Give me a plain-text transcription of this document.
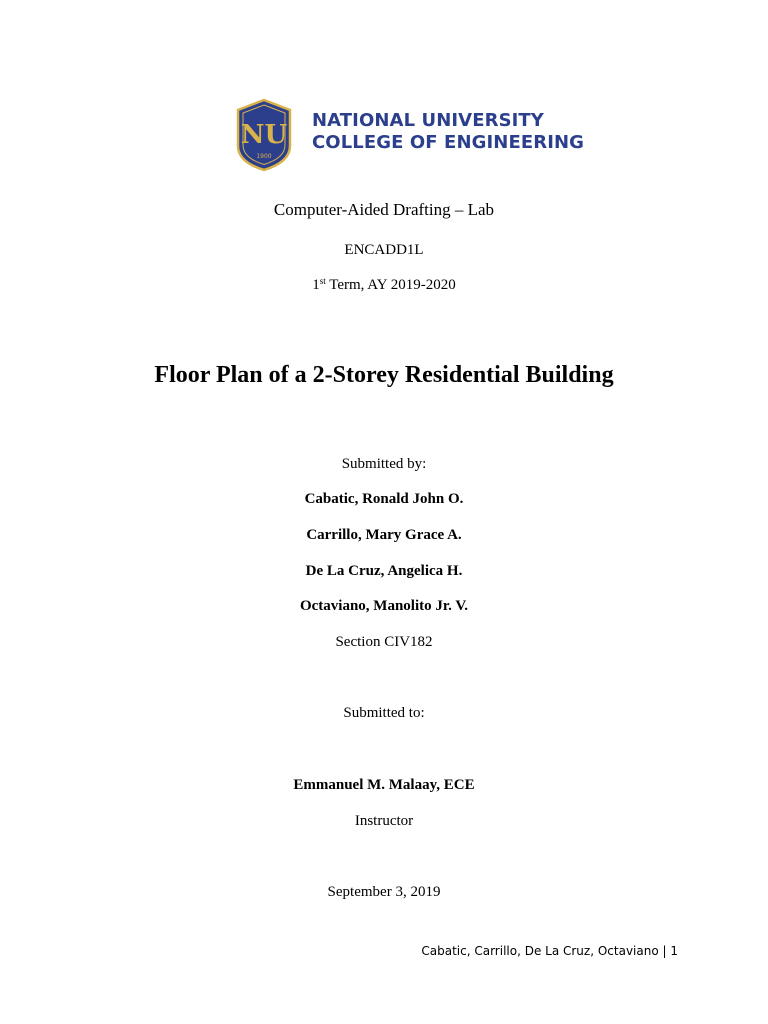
NU
1900
NATIONAL UNIVERSITY
COLLEGE OF ENGINEERING
Computer-Aided Drafting – Lab
ENCADD1L
1st Term, AY 2019-2020
Floor Plan of a 2-Storey Residential Building
Submitted by:
Cabatic, Ronald John O.
Carrillo, Mary Grace A.
De La Cruz, Angelica H.
Octaviano, Manolito Jr. V.
Section CIV182
Submitted to:
Emmanuel M. Malaay, ECE
Instructor
September 3, 2019
Cabatic, Carrillo, De La Cruz, Octaviano | 1
